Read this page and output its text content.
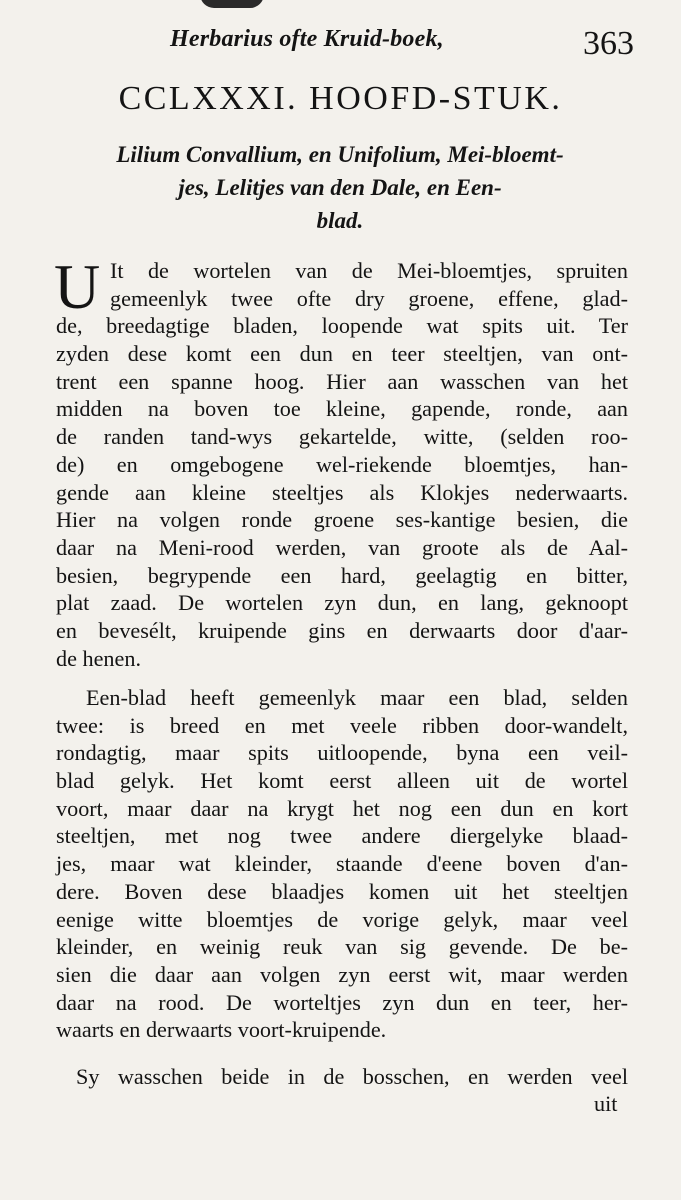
Herbarius ofte Kruid-boek,	363
CCLXXXI. HOOFD-STUK.
Lilium Convallium, en Unifolium, Mei-bloemt-
jes, Lelitjes van den Dale, en Een-
blad.
U It de wortelen van de Mei-bloemtjes, spruiten
gemeenlyk twee ofte dry groene, effene, glad-
de, breedagtige bladen, loopende wat spits uit. Ter
zyden dese komt een dun en teer steeltjen, van ont-
trent een spanne hoog. Hier aan wasschen van het
midden na boven toe kleine, gapende, ronde, aan
de randen tand-wys gekartelde, witte, (selden roo-
de) en omgebogene wel-riekende bloemtjes, han-
gende aan kleine steeltjes als Klokjes nederwaarts.
Hier na volgen ronde groene ses-kantige besien, die
daar na Meni-rood werden, van groote als de Aal-
besien, begrypende een hard, geelagtig en bitter,
plat zaad. De wortelen zyn dun, en lang, geknoopt
en bevesélt, kruipende gins en derwaarts door d'aar-
de henen.
Een-blad heeft gemeenlyk maar een blad, selden
twee: is breed en met veele ribben door-wandelt,
rondagtig, maar spits uitloopende, byna een veil-
blad gelyk. Het komt eerst alleen uit de wortel
voort, maar daar na krygt het nog een dun en kort
steeltjen, met nog twee andere diergelyke blaad-
jes, maar wat kleinder, staande d'eene boven d'an-
dere. Boven dese blaadjes komen uit het steeltjen
eenige witte bloemtjes de vorige gelyk, maar veel
kleinder, en weinig reuk van sig gevende. De be-
sien die daar aan volgen zyn eerst wit, maar werden
daar na rood. De worteltjes zyn dun en teer, her-
waarts en derwaarts voort-kruipende.
Sy wasschen beide in de bosschen, en werden veel
uit
